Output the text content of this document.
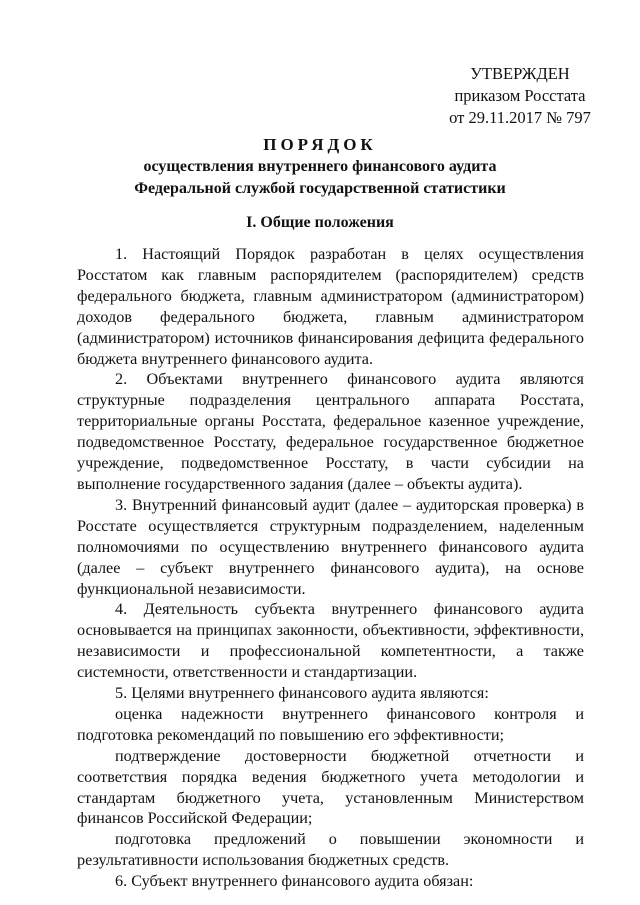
УТВЕРЖДЕН
приказом Росстата
от 29.11.2017 № 797
ПОРЯДОК
осуществления внутреннего финансового аудита
Федеральной службой государственной статистики
I. Общие положения

1. Настоящий Порядок разработан в целях осуществления Росстатом как главным распорядителем (распорядителем) средств федерального бюджета, главным администратором (администратором) доходов федерального бюджета, главным администратором (администратором) источников финансирования дефицита федерального бюджета внутреннего финансового аудита.

2. Объектами внутреннего финансового аудита являются структурные подразделения центрального аппарата Росстата, территориальные органы Росстата, федеральное казенное учреждение, подведомственное Росстату, федеральное государственное бюджетное учреждение, подведомственное Росстату, в части субсидии на выполнение государственного задания (далее – объекты аудита).

3. Внутренний финансовый аудит (далее – аудиторская проверка) в Росстате осуществляется структурным подразделением, наделенным полномочиями по осуществлению внутреннего финансового аудита (далее – субъект внутреннего финансового аудита), на основе функциональной независимости.

4. Деятельность субъекта внутреннего финансового аудита основывается на принципах законности, объективности, эффективности, независимости и профессиональной компетентности, а также системности, ответственности и стандартизации.

5. Целями внутреннего финансового аудита являются:

оценка надежности внутреннего финансового контроля и подготовка рекомендаций по повышению его эффективности;

подтверждение достоверности бюджетной отчетности и соответствия порядка ведения бюджетного учета методологии и стандартам бюджетного учета, установленным Министерством финансов Российской Федерации;

подготовка предложений о повышении экономности и результативности использования бюджетных средств.

6. Субъект внутреннего финансового аудита обязан:
